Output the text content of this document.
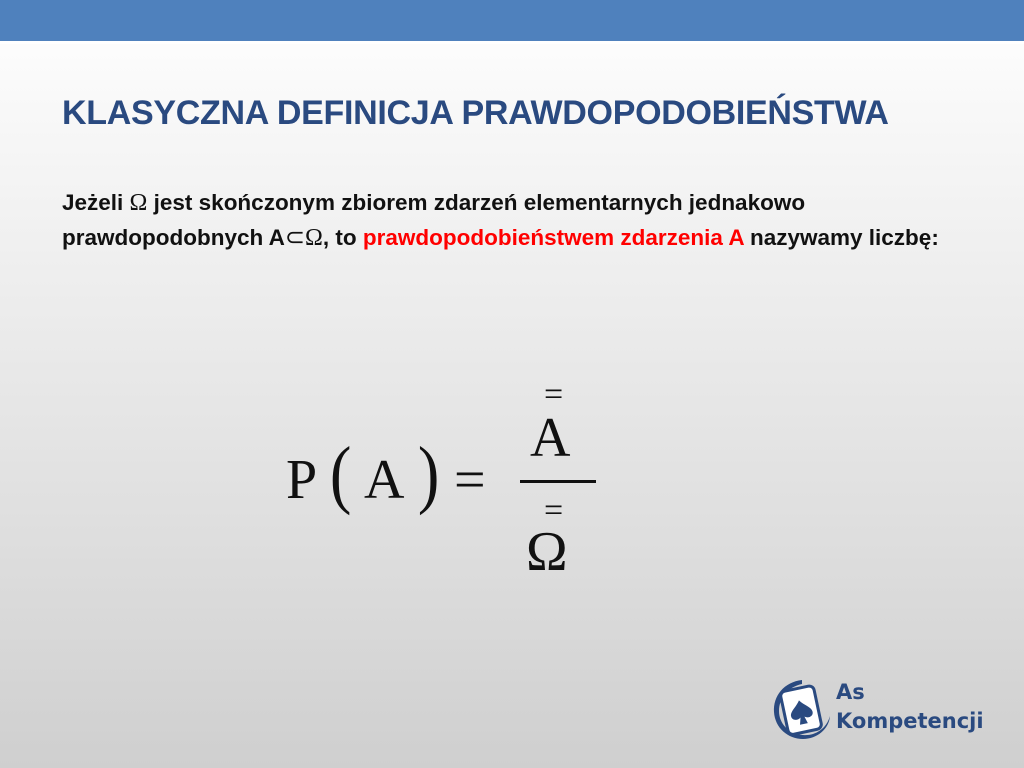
KLASYCZNA DEFINICJA PRAWDOPODOBIEŃSTWA

Jeżeli Ω jest skończonym zbiorem zdarzeń elementarnych jednakowo prawdopodobnych A⊂Ω, to prawdopodobieństwem zdarzenia A nazywamy liczbę:

P ( A ) =
=
A
=
Ω

As

Kompetencji
